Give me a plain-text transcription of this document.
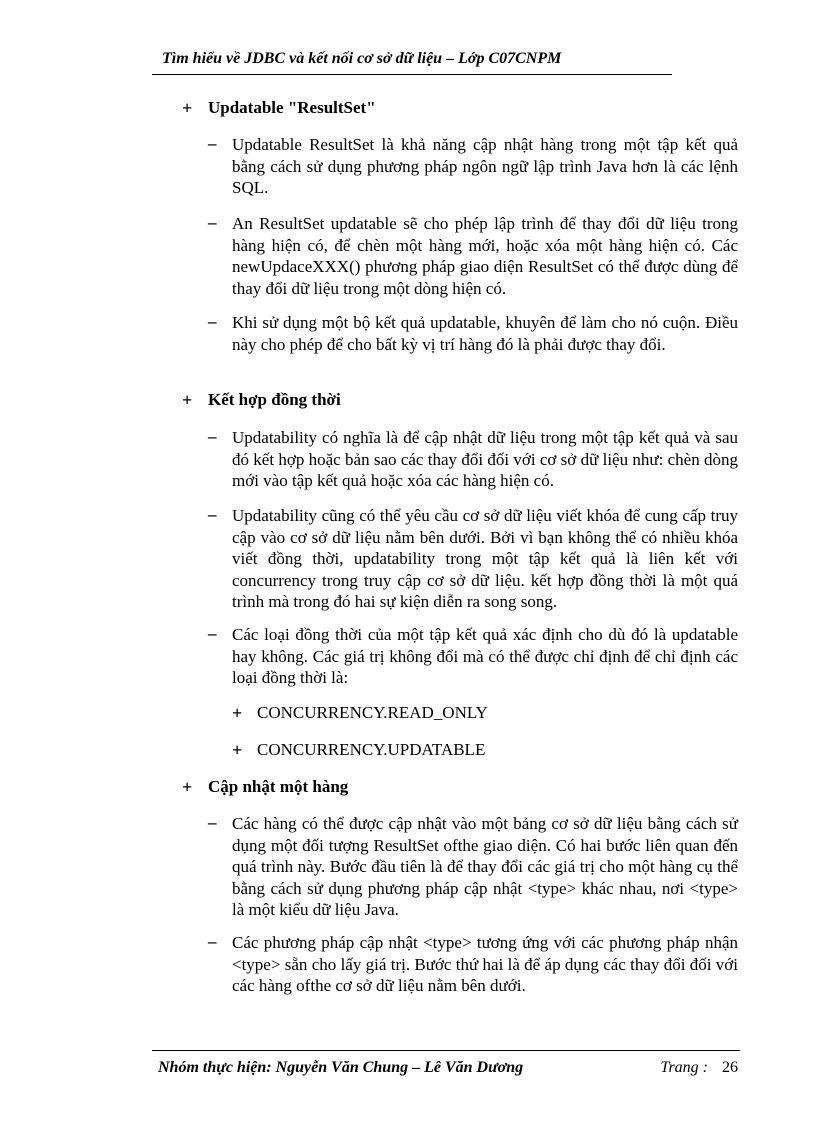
Tìm hiểu về JDBC và kết nối cơ sở dữ liệu – Lớp C07CNPM
+ Updatable "ResultSet"
– Updatable ResultSet là khả năng cập nhật hàng trong một tập kết quả bằng cách sử dụng phương pháp ngôn ngữ lập trình Java hơn là các lệnh SQL.
– An ResultSet updatable sẽ cho phép lập trình để thay đổi dữ liệu trong hàng hiện có, để chèn một hàng mới, hoặc xóa một hàng hiện có. Các newUpdaceXXX() phương pháp giao diện ResultSet có thể được dùng để thay đổi dữ liệu trong một dòng hiện có.
– Khi sử dụng một bộ kết quả updatable, khuyên để làm cho nó cuộn. Điều này cho phép để cho bất kỳ vị trí hàng đó là phải được thay đổi.
+ Kết hợp đồng thời
– Updatability có nghĩa là để cập nhật dữ liệu trong một tập kết quả và sau đó kết hợp hoặc bản sao các thay đổi đối với cơ sở dữ liệu như: chèn dòng mới vào tập kết quả hoặc xóa các hàng hiện có.
– Updatability cũng có thể yêu cầu cơ sở dữ liệu viết khóa để cung cấp truy cập vào cơ sở dữ liệu nằm bên dưới. Bởi vì bạn không thể có nhiều khóa viết đồng thời, updatability trong một tập kết quả là liên kết với concurrency trong truy cập cơ sở dữ liệu. kết hợp đồng thời là một quá trình mà trong đó hai sự kiện diễn ra song song.
– Các loại đồng thời của một tập kết quả xác định cho dù đó là updatable hay không. Các giá trị không đổi mà có thể được chỉ định để chỉ định các loại đồng thời là:
+ CONCURRENCY.READ_ONLY
+ CONCURRENCY.UPDATABLE
+ Cập nhật một hàng
– Các hàng có thể được cập nhật vào một bảng cơ sở dữ liệu bằng cách sử dụng một đối tượng ResultSet ofthe giao diện. Có hai bước liên quan đến quá trình này. Bước đầu tiên là để thay đổi các giá trị cho một hàng cụ thể bằng cách sử dụng phương pháp cập nhật <type> khác nhau, nơi <type> là một kiểu dữ liệu Java.
– Các phương pháp cập nhật <type> tương ứng với các phương pháp nhận <type> sẵn cho lấy giá trị. Bước thứ hai là để áp dụng các thay đổi đối với các hàng ofthe cơ sở dữ liệu nằm bên dưới.
Nhóm thực hiện: Nguyễn Văn Chung – Lê Văn Dương	Trang : 26
